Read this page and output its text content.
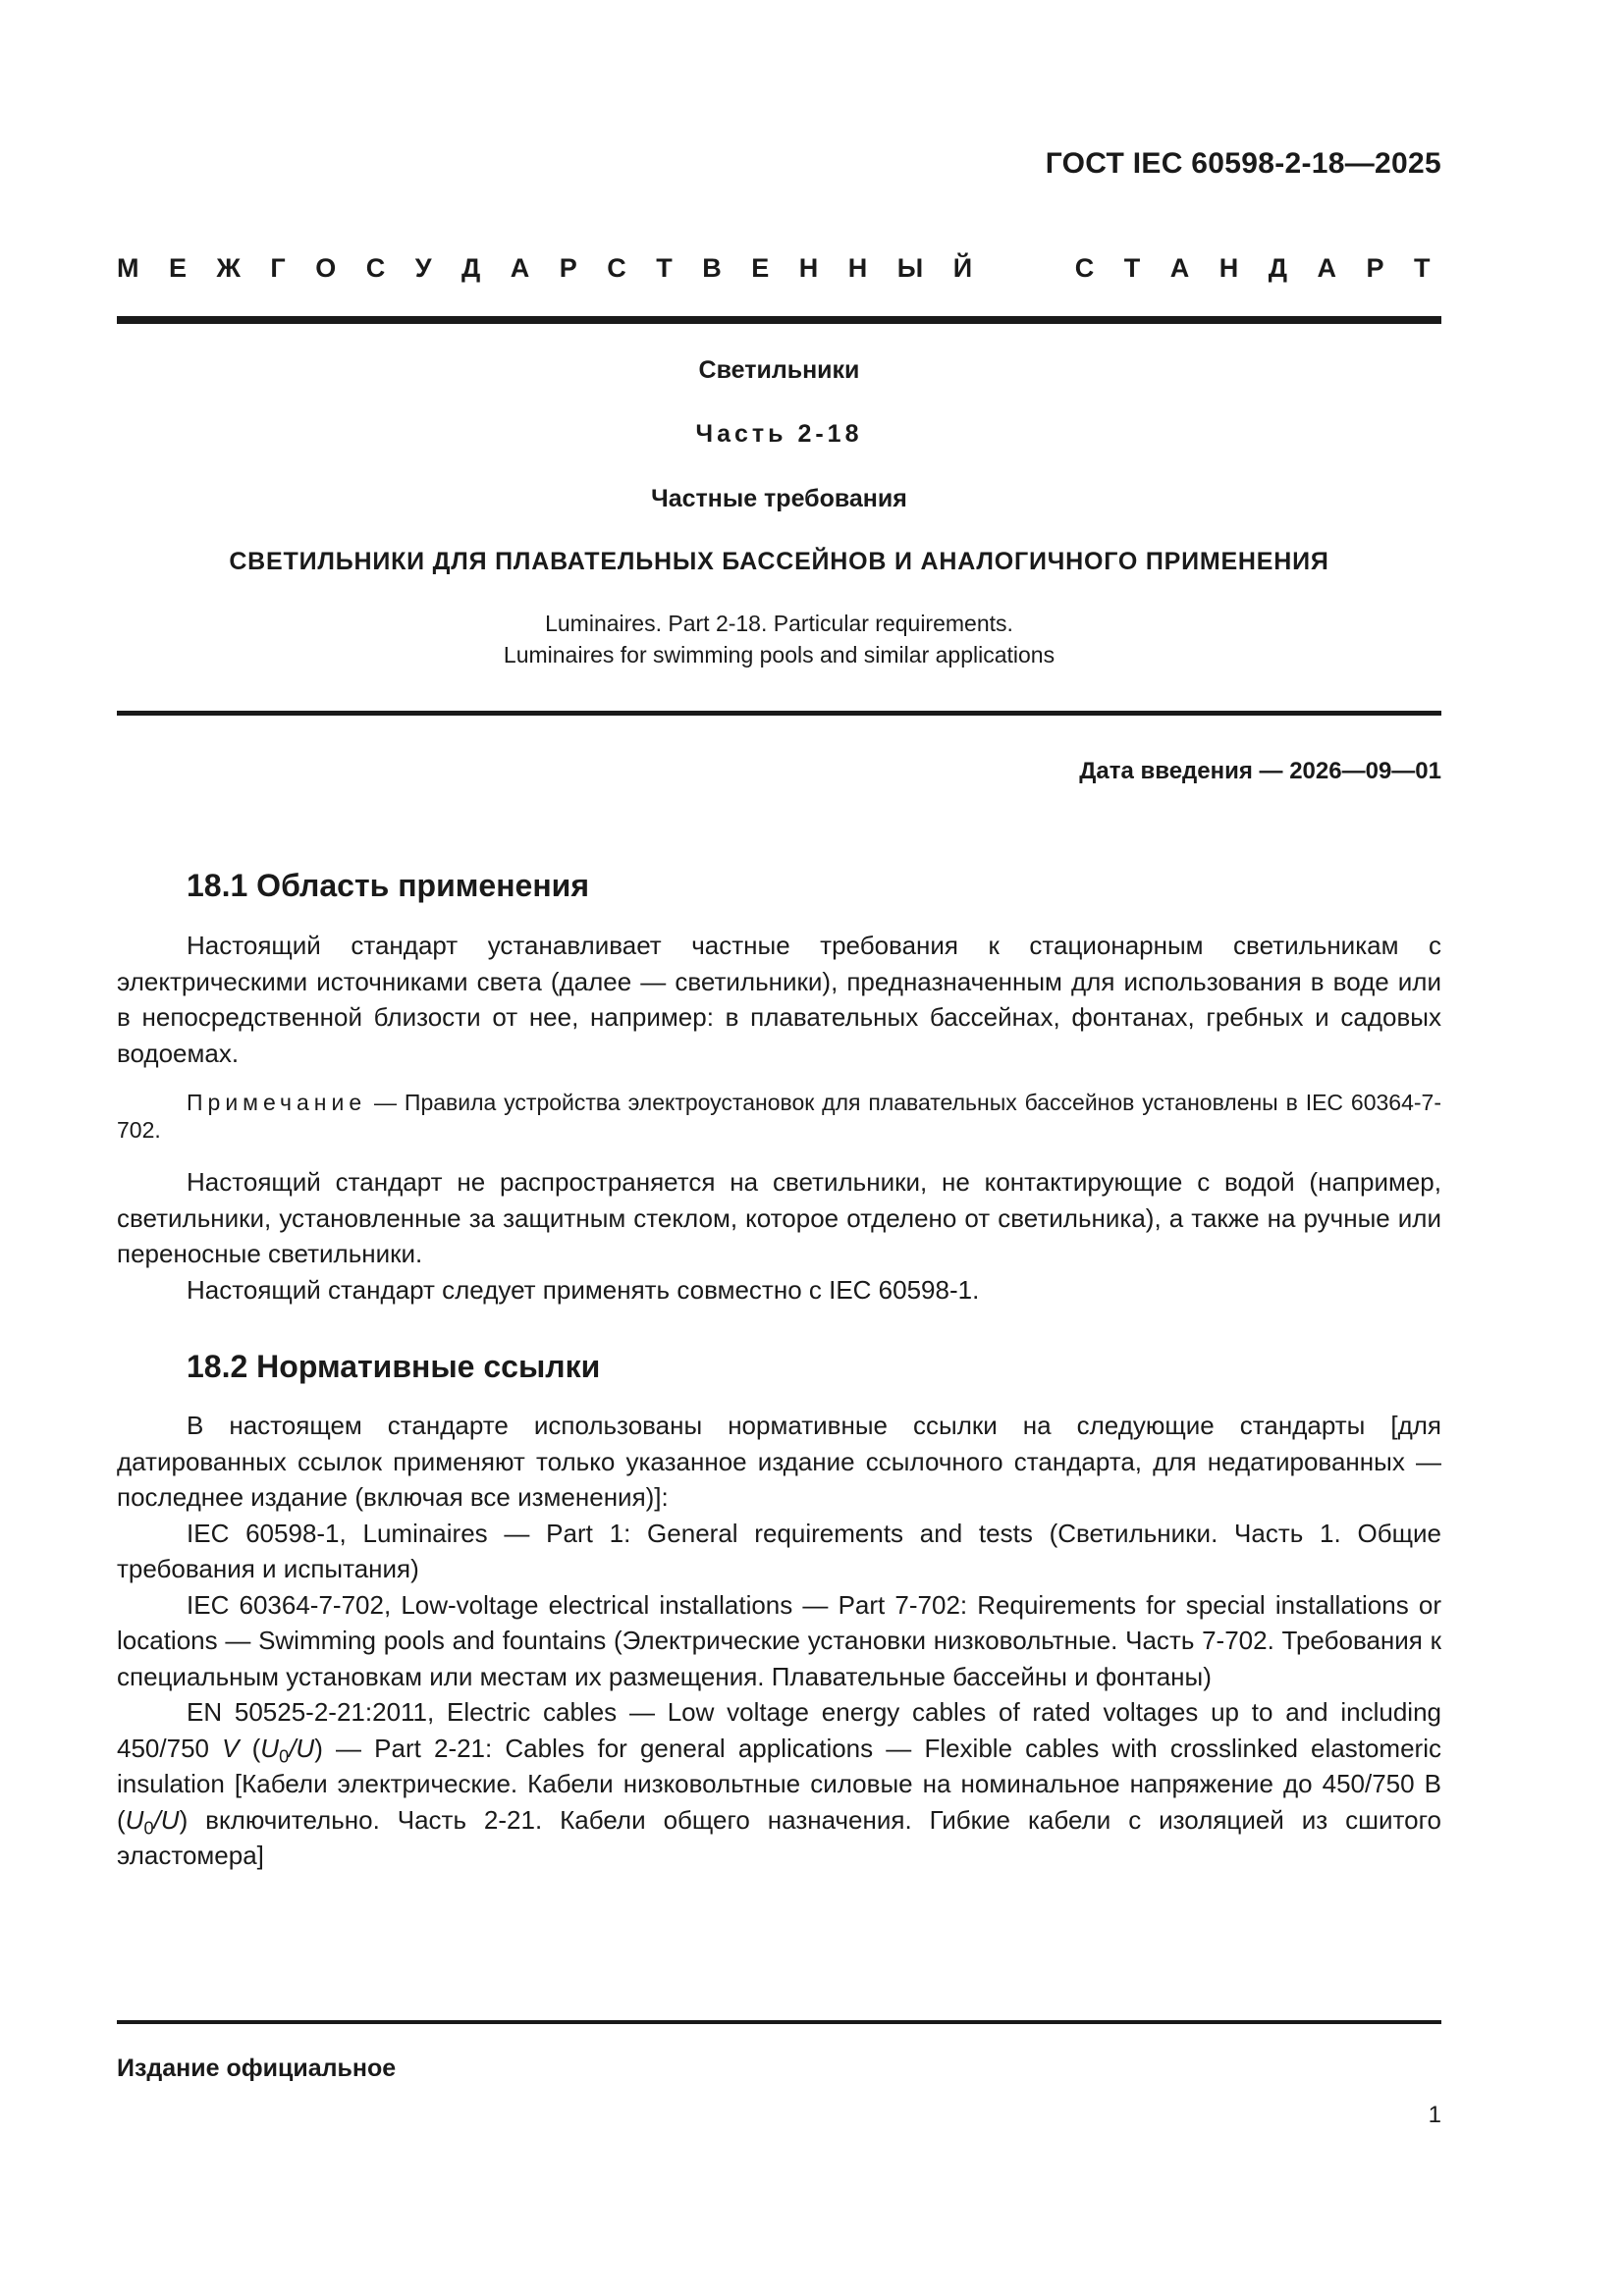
ГОСТ IEC 60598-2-18—2025
М Е Ж Г О С У Д А Р С Т В Е Н Н Ы Й	С Т А Н Д А Р Т
Светильники
Часть 2-18
Частные требования
СВЕТИЛЬНИКИ ДЛЯ ПЛАВАТЕЛЬНЫХ БАССЕЙНОВ И АНАЛОГИЧНОГО ПРИМЕНЕНИЯ
Luminaires. Part 2-18. Particular requirements.
Luminaires for swimming pools and similar applications
Дата введения — 2026—09—01
18.1 Область применения

Настоящий стандарт устанавливает частные требования к стационарным светильникам с электрическими источниками света (далее — светильники), предназначенным для использования в воде или в непосредственной близости от нее, например: в плавательных бассейнах, фонтанах, гребных и садовых водоемах.

Примечание — Правила устройства электроустановок для плавательных бассейнов установлены в IEC 60364-7-702.

Настоящий стандарт не распространяется на светильники, не контактирующие с водой (например, светильники, установленные за защитным стеклом, которое отделено от светильника), а также на ручные или переносные светильники.

Настоящий стандарт следует применять совместно с IEC 60598-1.

18.2 Нормативные ссылки

В настоящем стандарте использованы нормативные ссылки на следующие стандарты [для датированных ссылок применяют только указанное издание ссылочного стандарта, для недатированных — последнее издание (включая все изменения)]:

IEC 60598-1, Luminaires — Part 1: General requirements and tests (Светильники. Часть 1. Общие требования и испытания)

IEC 60364-7-702, Low-voltage electrical installations — Part 7-702: Requirements for special installations or locations — Swimming pools and fountains (Электрические установки низковольтные. Часть 7-702. Требования к специальным установкам или местам их размещения. Плавательные бассейны и фонтаны)

EN 50525-2-21:2011, Electric cables — Low voltage energy cables of rated voltages up to and including 450/750 V $(U_0/U)$ — Part 2-21: Cables for general applications — Flexible cables with crosslinked elastomeric insulation [Кабели электрические. Кабели низковольтные силовые на номинальное напряжение до 450/750 В $(U_0/U)$ включительно. Часть 2-21. Кабели общего назначения. Гибкие кабели с изоляцией из сшитого эластомера]

Издание официальное
1
